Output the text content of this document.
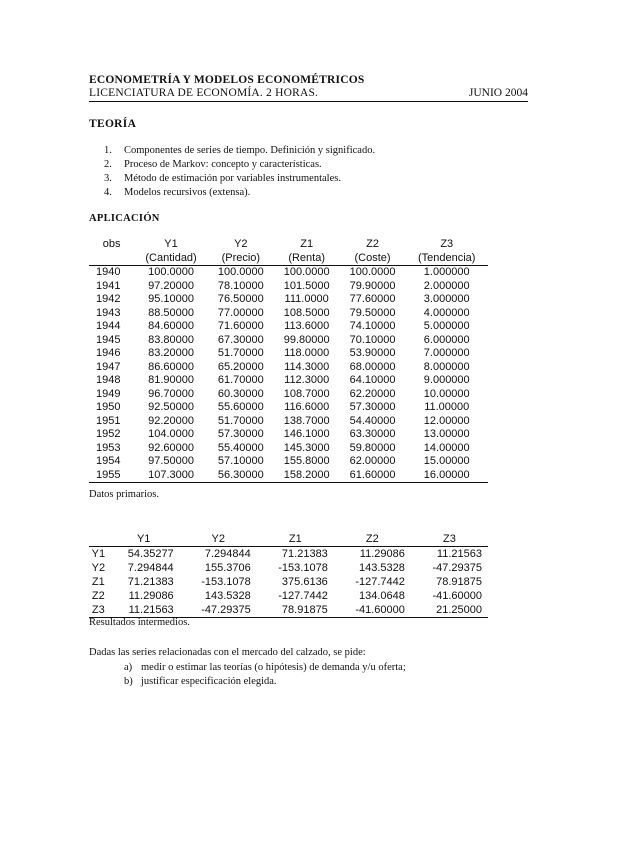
ECONOMETRÍA Y MODELOS ECONOMÉTRICOS
LICENCIATURA DE ECONOMÍA. 2 HORAS.	JUNIO 2004
TEORÍA
1. Componentes de series de tiempo. Definición y significado.
2. Proceso de Markov: concepto y características.
3. Método de estimación por variables instrumentales.
4. Modelos recursivos (extensa).
APLICACIÓN
obs	Y1	Y2	Z1	Z2	Z3
	(Cantidad)	(Precio)	(Renta)	(Coste)	(Tendencia)
1940	100.0000	100.0000	100.0000	100.0000	1.000000
1941	97.20000	78.10000	101.5000	79.90000	2.000000
1942	95.10000	76.50000	111.0000	77.60000	3.000000
1943	88.50000	77.00000	108.5000	79.50000	4.000000
1944	84.60000	71.60000	113.6000	74.10000	5.000000
1945	83.80000	67.30000	99.80000	70.10000	6.000000
1946	83.20000	51.70000	118.0000	53.90000	7.000000
1947	86.60000	65.20000	114.3000	68.00000	8.000000
1948	81.90000	61.70000	112.3000	64.10000	9.000000
1949	96.70000	60.30000	108.7000	62.20000	10.00000
1950	92.50000	55.60000	116.6000	57.30000	11.00000
1951	92.20000	51.70000	138.7000	54.40000	12.00000
1952	104.0000	57.30000	146.1000	63.30000	13.00000
1953	92.60000	55.40000	145.3000	59.80000	14.00000
1954	97.50000	57.10000	155.8000	62.00000	15.00000
1955	107.3000	56.30000	158.2000	61.60000	16.00000
Datos primarios.
	Y1	Y2	Z1	Z2	Z3
Y1	54.35277	7.294844	71.21383	11.29086	11.21563
Y2	7.294844	155.3706	-153.1078	143.5328	-47.29375
Z1	71.21383	-153.1078	375.6136	-127.7442	78.91875
Z2	11.29086	143.5328	-127.7442	134.0648	-41.60000
Z3	11.21563	-47.29375	78.91875	-41.60000	21.25000
Resultados intermedios.
Dadas las series relacionadas con el mercado del calzado, se pide:
a) medir o estimar las teorías (o hipótesis) de demanda y/u oferta;
b) justificar especificación elegida.
